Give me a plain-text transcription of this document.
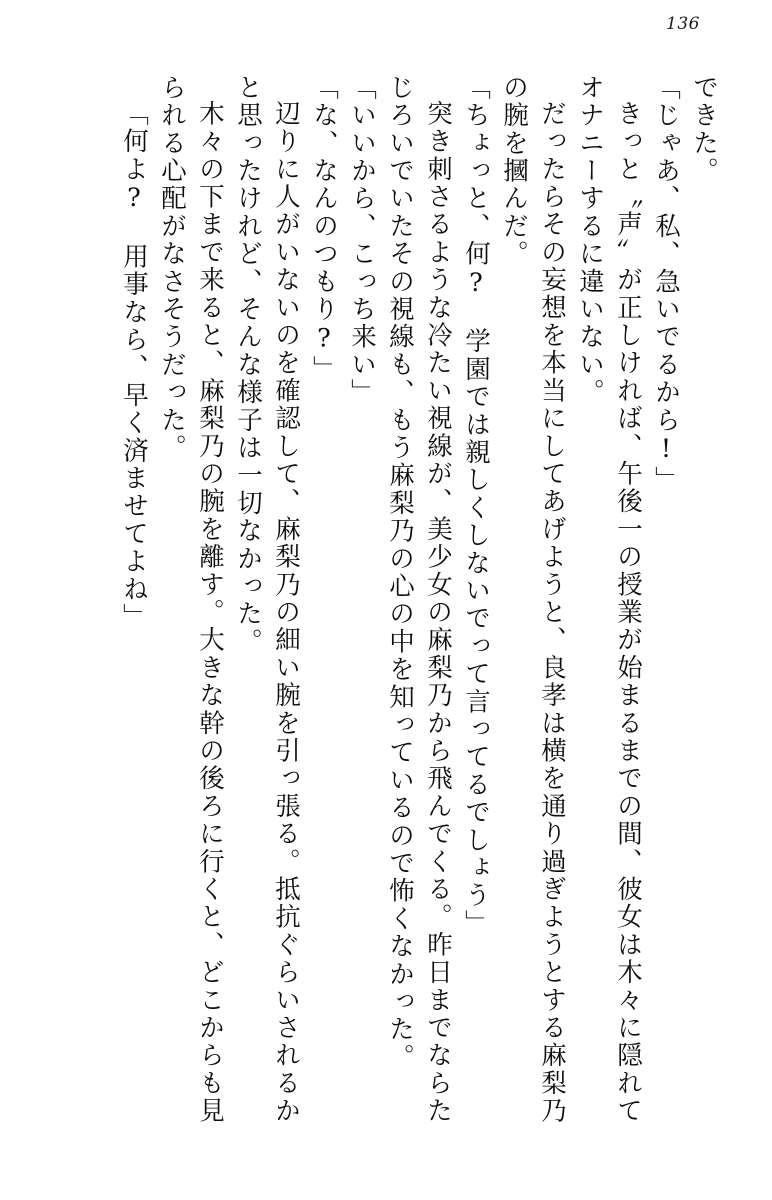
136
できた。
「じゃあ、私、急いでるから!」
きっと〝声〟が正しければ、午後一の授業が始まるまでの間、彼女は木々に隠れて
オナニーするに違いない。
だったらその妄想を本当にしてあげようと、良孝は横を通り過ぎようとする麻梨乃
の腕を摑んだ。
「ちょっと、何?　学園では親しくしないでって言ってるでしょう」
突き刺さるような冷たい視線が、美少女の麻梨乃から飛んでくる。昨日までならた
じろいでいたその視線も、もう麻梨乃の心の中を知っているので怖くなかった。
「いいから、こっち来い」
「な、なんのつもり?」
辺りに人がいないのを確認して、麻梨乃の細い腕を引っ張る。抵抗ぐらいされるか
と思ったけれど、そんな様子は一切なかった。
木々の下まで来ると、麻梨乃の腕を離す。大きな幹の後ろに行くと、どこからも見
られる心配がなさそうだった。
「何よ?　用事なら、早く済ませてよね」
